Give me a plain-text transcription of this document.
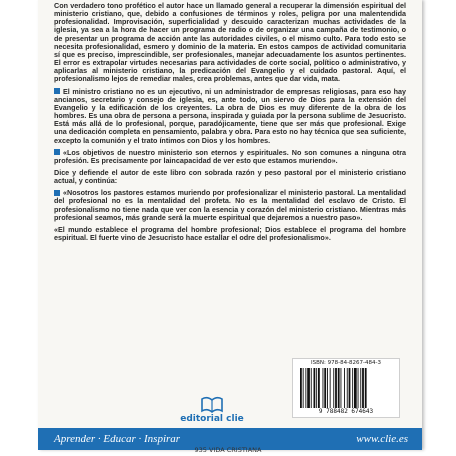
Con verdadero tono profético el autor hace un llamado general a recuperar la dimensión espiritual del ministerio cristiano, que, debido a confusiones de términos y roles, peligra por una malentendida profesionalidad. Improvisación, superficialidad y descuido caracterizan muchas actividades de la iglesia, ya sea a la hora de hacer un programa de radio o de organizar una campaña de testimonio, o de presentar un programa de acción ante las autoridades civiles, o el mismo culto. Para todo esto se necesita profesionalidad, esmero y dominio de la materia. En estos campos de actividad comunitaria sí que es preciso, imprescindible, ser profesionales, manejar adecuadamente los asuntos pertinentes. El error es extrapolar virtudes necesarias para actividades de corte social, político o administrativo, y aplicarlas al ministerio cristiano, la predicación del Evangelio y el cuidado pastoral. Aquí, el profesionalismo lejos de remediar males, crea problemas, antes que dar vida, mata.

El ministro cristiano no es un ejecutivo, ni un administrador de empresas religiosas, para eso hay ancianos, secretario y consejo de iglesia, es, ante todo, un siervo de Dios para la extensión del Evangelio y la edificación de los creyentes. La obra de Dios es muy diferente de la obra de los hombres. Es una obra de persona a persona, inspirada y guiada por la persona sublime de Jesucristo. Está más allá de lo profesional, porque, paradójicamente, tiene que ser más que profesional. Exige una dedicación completa en pensamiento, palabra y obra. Para esto no hay técnica que sea suficiente, excepto la comunión y el trato íntimos con Dios y los hombres.

«Los objetivos de nuestro ministerio son eternos y espirituales. No son comunes a ninguna otra profesión. Es precisamente por laincapacidad de ver esto que estamos muriendo».

Dice y defiende el autor de este libro con sobrada razón y peso pastoral por el ministerio cristiano actual, y continúa:

«Nosotros los pastores estamos muriendo por profesionalizar el ministerio pastoral. La mentalidad del profesional no es la mentalidad del profeta. No es la mentalidad del esclavo de Cristo. El profesionalismo no tiene nada que ver con la esencia y corazón del ministerio cristiano. Mientras más profesional seamos, más grande será la muerte espiritual que dejaremos a nuestro paso».

«El mundo establece el programa del hombre profesional; Dios establece el programa del hombre espiritual. El fuerte vino de Jesucristo hace estallar el odre del profesionalismo».

ISBN: 978-84-8267-484-3
9 788482 674643
editorial clie
Aprender · Educar · Inspirar	www.clie.es
935 VIDA CRISTIANA
